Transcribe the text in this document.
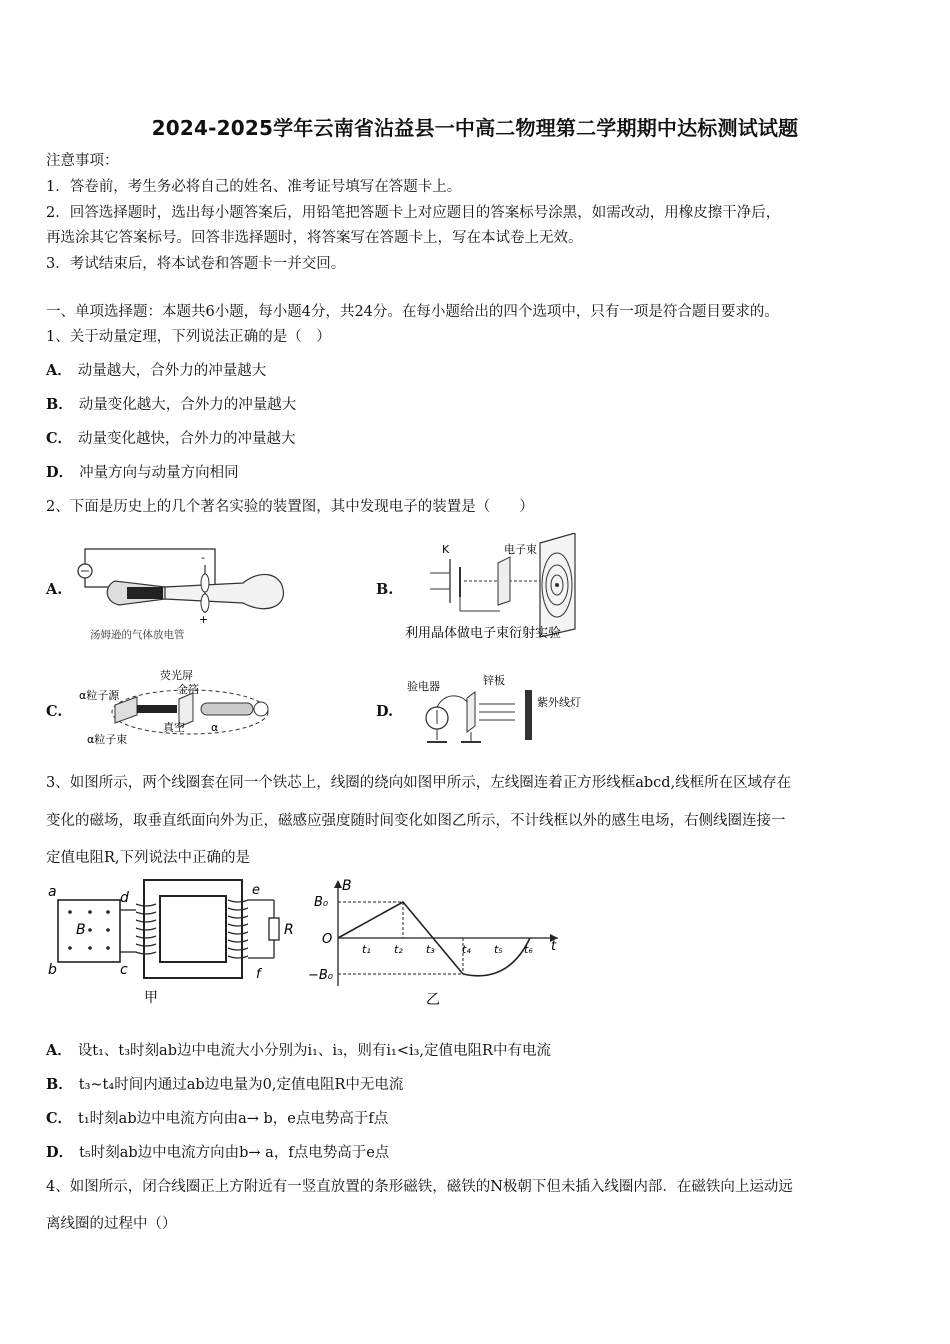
2024-2025学年云南省沾益县一中高二物理第二学期期中达标测试试题
注意事项：
1．答卷前，考生务必将自己的姓名、准考证号填写在答题卡上。
2．回答选择题时，选出每小题答案后，用铅笔把答题卡上对应题目的答案标号涂黑，如需改动，用橡皮擦干净后，
再选涂其它答案标号。回答非选择题时，将答案写在答题卡上，写在本试卷上无效。
3．考试结束后，将本试卷和答题卡一并交回。
一、单项选择题：本题共6小题，每小题4分，共24分。在每小题给出的四个选项中，只有一项是符合题目要求的。
1、关于动量定理，下列说法正确的是（　）
A． 动量越大，合外力的冲量越大
B． 动量变化越大，合外力的冲量越大
C． 动量变化越快，合外力的冲量越大
D． 冲量方向与动量方向相同
2、下面是历史上的几个著名实验的装置图，其中发现电子的装置是（　　）
A.
-
+
汤姆逊的气体放电管
B.
K	电子束
利用晶体做电子束衍射实验
C.
荧光屏
金箔
α粒子源
真空 α
α粒子束
D.
验电器	锌板
紫外线灯
3、如图所示，两个线圈套在同一个铁芯上，线圈的绕向如图甲所示，左线圈连着正方形线框abcd,线框所在区域存在
变化的磁场，取垂直纸面向外为正，磁感应强度随时间变化如图乙所示，不计线框以外的感生电场，右侧线圈连接一
定值电阻R,下列说法中正确的是
a
b	c
d
B	R
e
f
甲
B
B₀
O
−B₀
t
t₁ t₂ t₃ t₄ t₅ t₆
乙
A． 设t₁、t₃时刻ab边中电流大小分别为i₁、i₃，则有i₁<i₃,定值电阻R中有电流
B． t₃~t₄时间内通过ab边电量为0,定值电阻R中无电流
C． t₁时刻ab边中电流方向由a→ b，e点电势高于f点
D． t₅时刻ab边中电流方向由b→ a，f点电势高于e点
4、如图所示，闭合线圈正上方附近有一竖直放置的条形磁铁，磁铁的N极朝下但未插入线圈内部．在磁铁向上运动远
离线圈的过程中（）
